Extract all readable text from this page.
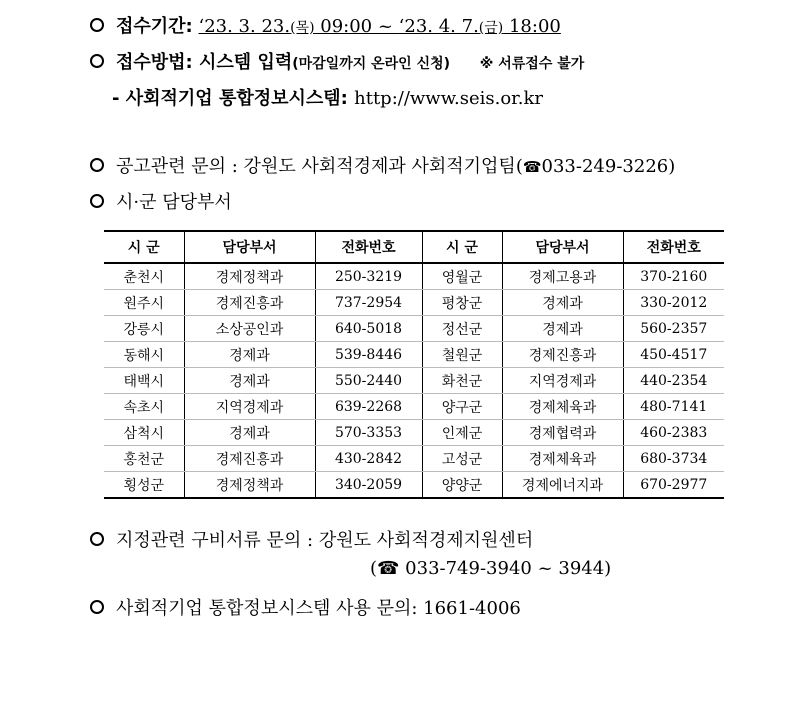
접수기간: ‘23. 3. 23.(목) 09:00 ~ ‘23. 4. 7.(금) 18:00
접수방법: 시스템 입력(마감일까지 온라인 신청) ※ 서류접수 불가
- 사회적기업 통합정보시스템: http://www.seis.or.kr
공고관련 문의 : 강원도 사회적경제과 사회적기업팀(☎033-249-3226)
시·군 담당부서
시 군	담당부서	전화번호	시 군	담당부서	전화번호
춘천시	경제정책과	250-3219	영월군	경제고용과	370-2160
원주시	경제진흥과	737-2954	평창군	경제과	330-2012
강릉시	소상공인과	640-5018	정선군	경제과	560-2357
동해시	경제과	539-8446	철원군	경제진흥과	450-4517
태백시	경제과	550-2440	화천군	지역경제과	440-2354
속초시	지역경제과	639-2268	양구군	경제체육과	480-7141
삼척시	경제과	570-3353	인제군	경제협력과	460-2383
홍천군	경제진흥과	430-2842	고성군	경제체육과	680-3734
횡성군	경제정책과	340-2059	양양군	경제에너지과	670-2977
지정관련 구비서류 문의 : 강원도 사회적경제지원센터
(☎ 033-749-3940 ~ 3944)
사회적기업 통합정보시스템 사용 문의: 1661-4006
